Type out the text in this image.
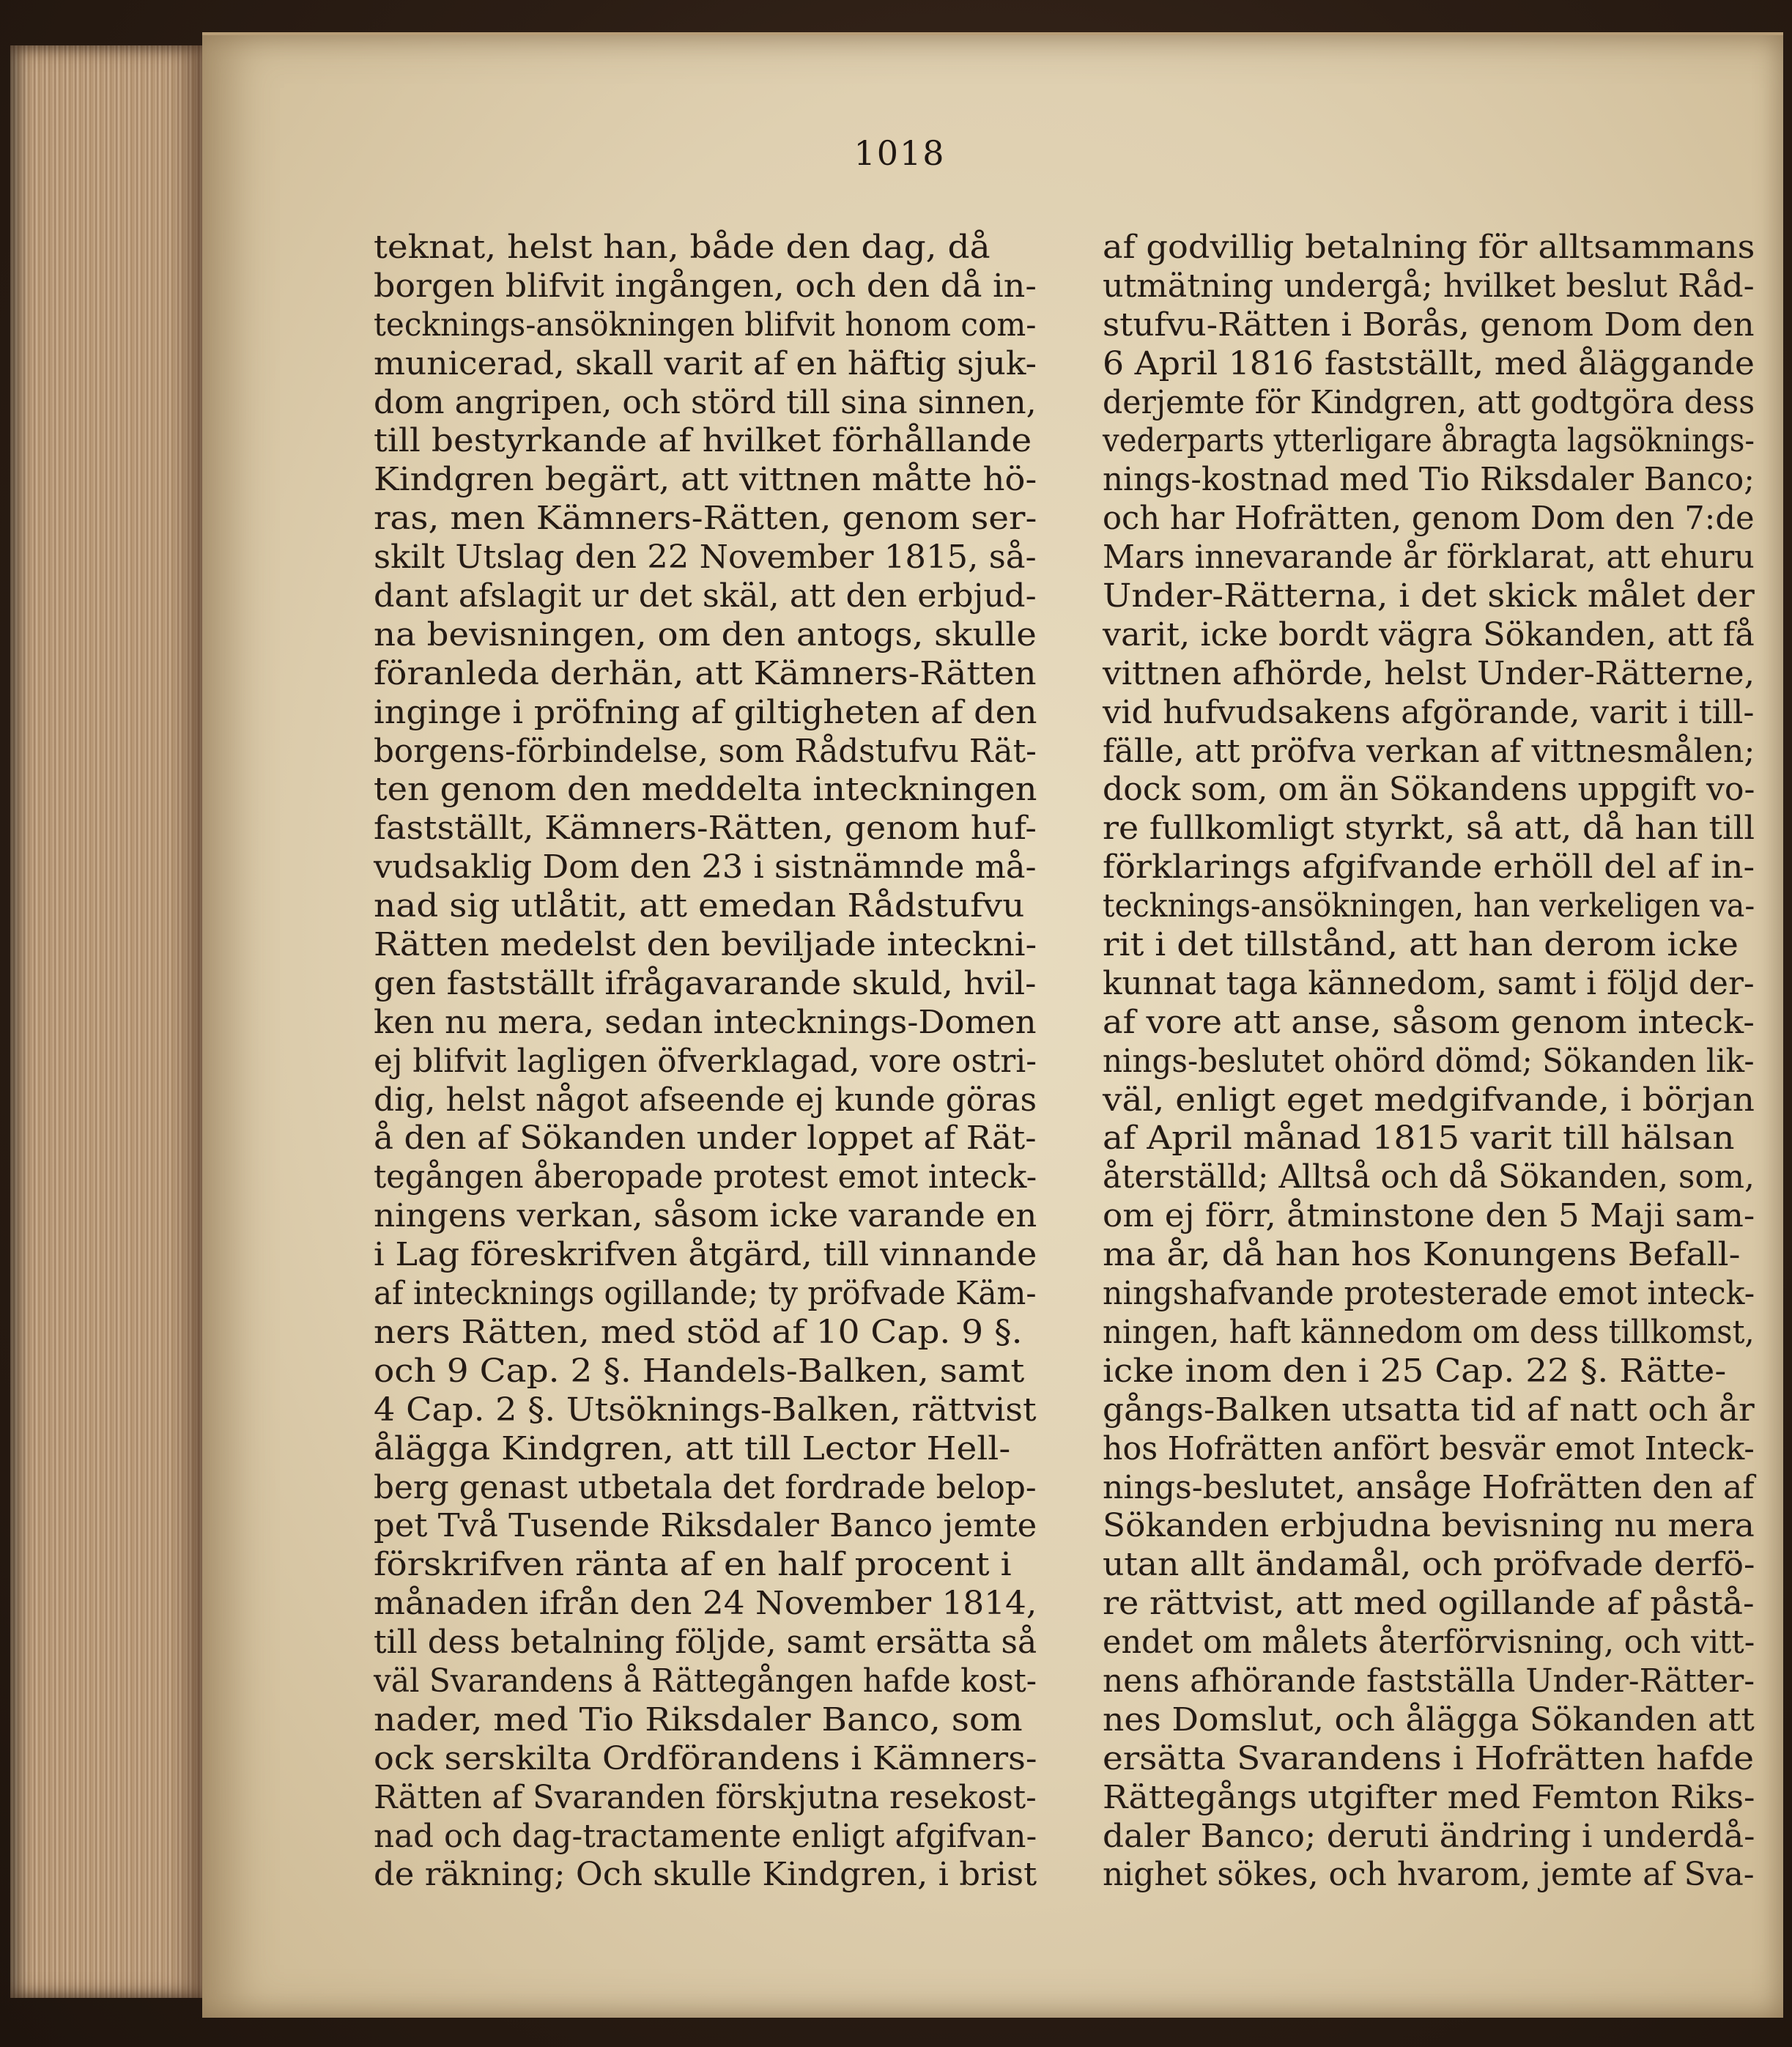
1018
teknat, helst han, både den dag, då
borgen blifvit ingången, och den då in-
tecknings-ansökningen blifvit honom com-
municerad, skall varit af en häftig sjuk-
dom angripen, och störd till sina sinnen,
till bestyrkande af hvilket förhållande
Kindgren begärt, att vittnen måtte hö-
ras, men Kämners-Rätten, genom ser-
skilt Utslag den 22 November 1815, så-
dant afslagit ur det skäl, att den erbjud-
na bevisningen, om den antogs, skulle
föranleda derhän, att Kämners-Rätten
inginge i pröfning af giltigheten af den
borgens-förbindelse, som Rådstufvu Rät-
ten genom den meddelta inteckningen
fastställt, Kämners-Rätten, genom huf-
vudsaklig Dom den 23 i sistnämnde må-
nad sig utlåtit, att emedan Rådstufvu
Rätten medelst den beviljade inteckni-
gen fastställt ifrågavarande skuld, hvil-
ken nu mera, sedan intecknings-Domen
ej blifvit lagligen öfverklagad, vore ostri-
dig, helst något afseende ej kunde göras
å den af Sökanden under loppet af Rät-
tegången åberopade protest emot inteck-
ningens verkan, såsom icke varande en
i Lag föreskrifven åtgärd, till vinnande
af intecknings ogillande; ty pröfvade Käm-
ners Rätten, med stöd af 10 Cap. 9 §.
och 9 Cap. 2 §. Handels-Balken, samt
4 Cap. 2 §. Utsöknings-Balken, rättvist
ålägga Kindgren, att till Lector Hell-
berg genast utbetala det fordrade belop-
pet Två Tusende Riksdaler Banco jemte
förskrifven ränta af en half procent i
månaden ifrån den 24 November 1814,
till dess betalning följde, samt ersätta så
väl Svarandens å Rättegången hafde kost-
nader, med Tio Riksdaler Banco, som
ock serskilta Ordförandens i Kämners-
Rätten af Svaranden förskjutna resekost-
nad och dag-tractamente enligt afgifvan-
de räkning; Och skulle Kindgren, i brist
af godvillig betalning för alltsammans
utmätning undergå; hvilket beslut Råd-
stufvu-Rätten i Borås, genom Dom den
6 April 1816 fastställt, med åläggande
derjemte för Kindgren, att godtgöra dess
vederparts ytterligare åbragta lagsöknings-
nings-kostnad med Tio Riksdaler Banco;
och har Hofrätten, genom Dom den 7:de
Mars innevarande år förklarat, att ehuru
Under-Rätterna, i det skick målet der
varit, icke bordt vägra Sökanden, att få
vittnen afhörde, helst Under-Rätterne,
vid hufvudsakens afgörande, varit i till-
fälle, att pröfva verkan af vittnesmålen;
dock som, om än Sökandens uppgift vo-
re fullkomligt styrkt, så att, då han till
förklarings afgifvande erhöll del af in-
tecknings-ansökningen, han verkeligen va-
rit i det tillstånd, att han derom icke
kunnat taga kännedom, samt i följd der-
af vore att anse, såsom genom inteck-
nings-beslutet ohörd dömd; Sökanden lik-
väl, enligt eget medgifvande, i början
af April månad 1815 varit till hälsan
återställd; Alltså och då Sökanden, som,
om ej förr, åtminstone den 5 Maji sam-
ma år, då han hos Konungens Befall-
ningshafvande protesterade emot inteck-
ningen, haft kännedom om dess tillkomst,
icke inom den i 25 Cap. 22 §. Rätte-
gångs-Balken utsatta tid af natt och år
hos Hofrätten anfört besvär emot Inteck-
nings-beslutet, ansåge Hofrätten den af
Sökanden erbjudna bevisning nu mera
utan allt ändamål, och pröfvade derfö-
re rättvist, att med ogillande af påstå-
endet om målets återförvisning, och vitt-
nens afhörande fastställa Under-Rätter-
nes Domslut, och ålägga Sökanden att
ersätta Svarandens i Hofrätten hafde
Rättegångs utgifter med Femton Riks-
daler Banco; deruti ändring i underdå-
nighet sökes, och hvarom, jemte af Sva-
